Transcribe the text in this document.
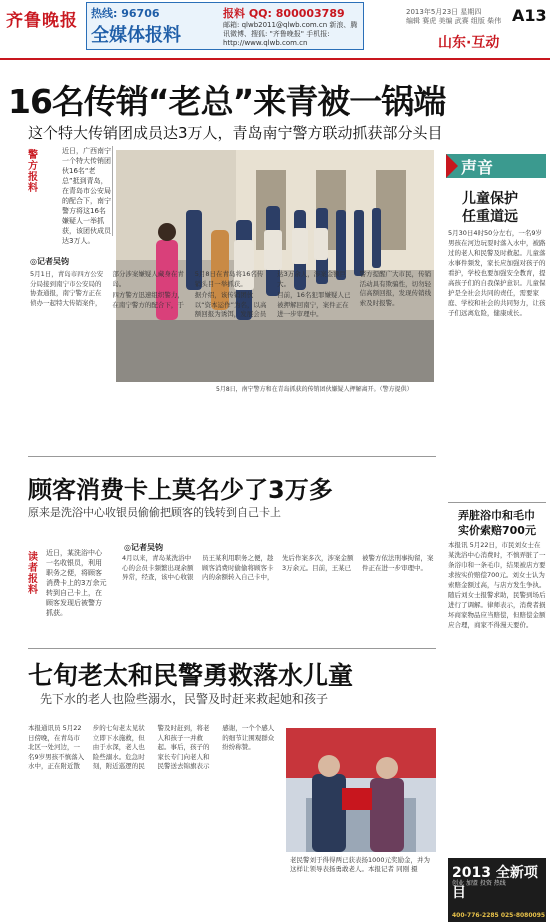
齐鲁晚报 热线: 96706
全媒体报料
报料 QQ: 800003789
邮箱: qlwb2011@qlwb.com.cn 新浪、腾讯微博、搜狐: "齐鲁晚报" 手机报: http://www.qlwb.com.cn
2013年5月23日 星期四
编辑 赛虎 美编 武赛 组版 柴伟 A13
山东·互动
16名传销“老总”来青被一锅端
这个特大传销团成员达3万人，青岛南宁警方联动抓获部分头目
警方报料
近日，广西南宁一个特大传销团伙16名“老总”抵到青岛，在青岛市公安局的配合下，南宁警方将这16名嫌疑人一举抓获，该团伙成员达3万人。
5月8日，南宁警方和在青岛抓获的传销团伙嫌疑人押解离开。（警方提供）
◎记者吴钧

5月1日，青岛市四方公安分局接到南宁市公安局的协查通报，南宁警方正在侦办一起特大传销案件，部分涉案嫌疑人藏身在青岛。

四方警方迅速组织警力，在南宁警方的配合下，于5月8日在青岛将16名传销头目一举抓获。

据介绍，该传销团伙以“资本运作”为名，以高额回报为诱饵，发展会员达3万余人，涉案金额巨大。

目前，16名犯罪嫌疑人已被押解回南宁，案件正在进一步审理中。

警方提醒广大市民，传销活动具有欺骗性，切勿轻信高额回报，发现传销线索及时报警。

声音
儿童保护
任重道远
5月30日4时50分左右，一名9岁男孩在河边玩耍时落入水中，被路过的老人和民警及时救起。儿童落水事件频发，家长应加强对孩子的看护，学校也要加强安全教育，提高孩子们的自我保护意识。儿童保护是全社会共同的责任，需要家庭、学校和社会的共同努力，让孩子们远离危险，健康成长。
弄脏浴巾和毛巾
实价索赔700元
本报讯 5月22日，市民刘女士在某洗浴中心消费时，不慎弄脏了一条浴巾和一条毛巾，结果被店方要求按实价赔偿700元。刘女士认为索赔金额过高，与店方发生争执。随后刘女士报警求助，民警到场后进行了调解。律师表示，消费者损坏商家物品应当赔偿，但赔偿金额应合理，商家不得漫天要价。
2013 全新项目
创业 加盟 投资 热线
400-776-2285 025-8080095
顾客消费卡上莫名少了3万多
原来是洗浴中心收银员偷偷把顾客的钱转到自己卡上
读者报料
近日，某洗浴中心一名收银员，利用职务之便，将顾客消费卡上的3万余元转到自己卡上，在顾客发现后被警方抓获。
◎记者吴钧
4月以来，青岛某洗浴中心的会员卡频繁出现余额异常，经查，该中心收银员王某利用职务之便，趁顾客消费时偷偷将顾客卡内的余额转入自己卡中，先后作案多次，涉案金额3万余元。目前，王某已被警方依法刑事拘留，案件正在进一步审理中。
七旬老太和民警勇救落水儿童
先下水的老人也险些溺水，民警及时赶来救起她和孩子
本报通讯员 5月22日傍晚，在青岛市北区一处河边，一名9岁男孩不慎落入水中，正在附近散步的七旬老太见状立即下水施救，但由于水深，老人也险些溺水。危急时刻，附近巡逻的民警及时赶到，将老人和孩子一并救起。事后，孩子的家长专门向老人和民警送去锦旗表示感谢，一个个感人的细节让围观群众纷纷称赞。
老民警刘于得得两已获表扬1000元奖励金，并为这样让领导表扬勇敢老人。本报记者 同刚 摄
